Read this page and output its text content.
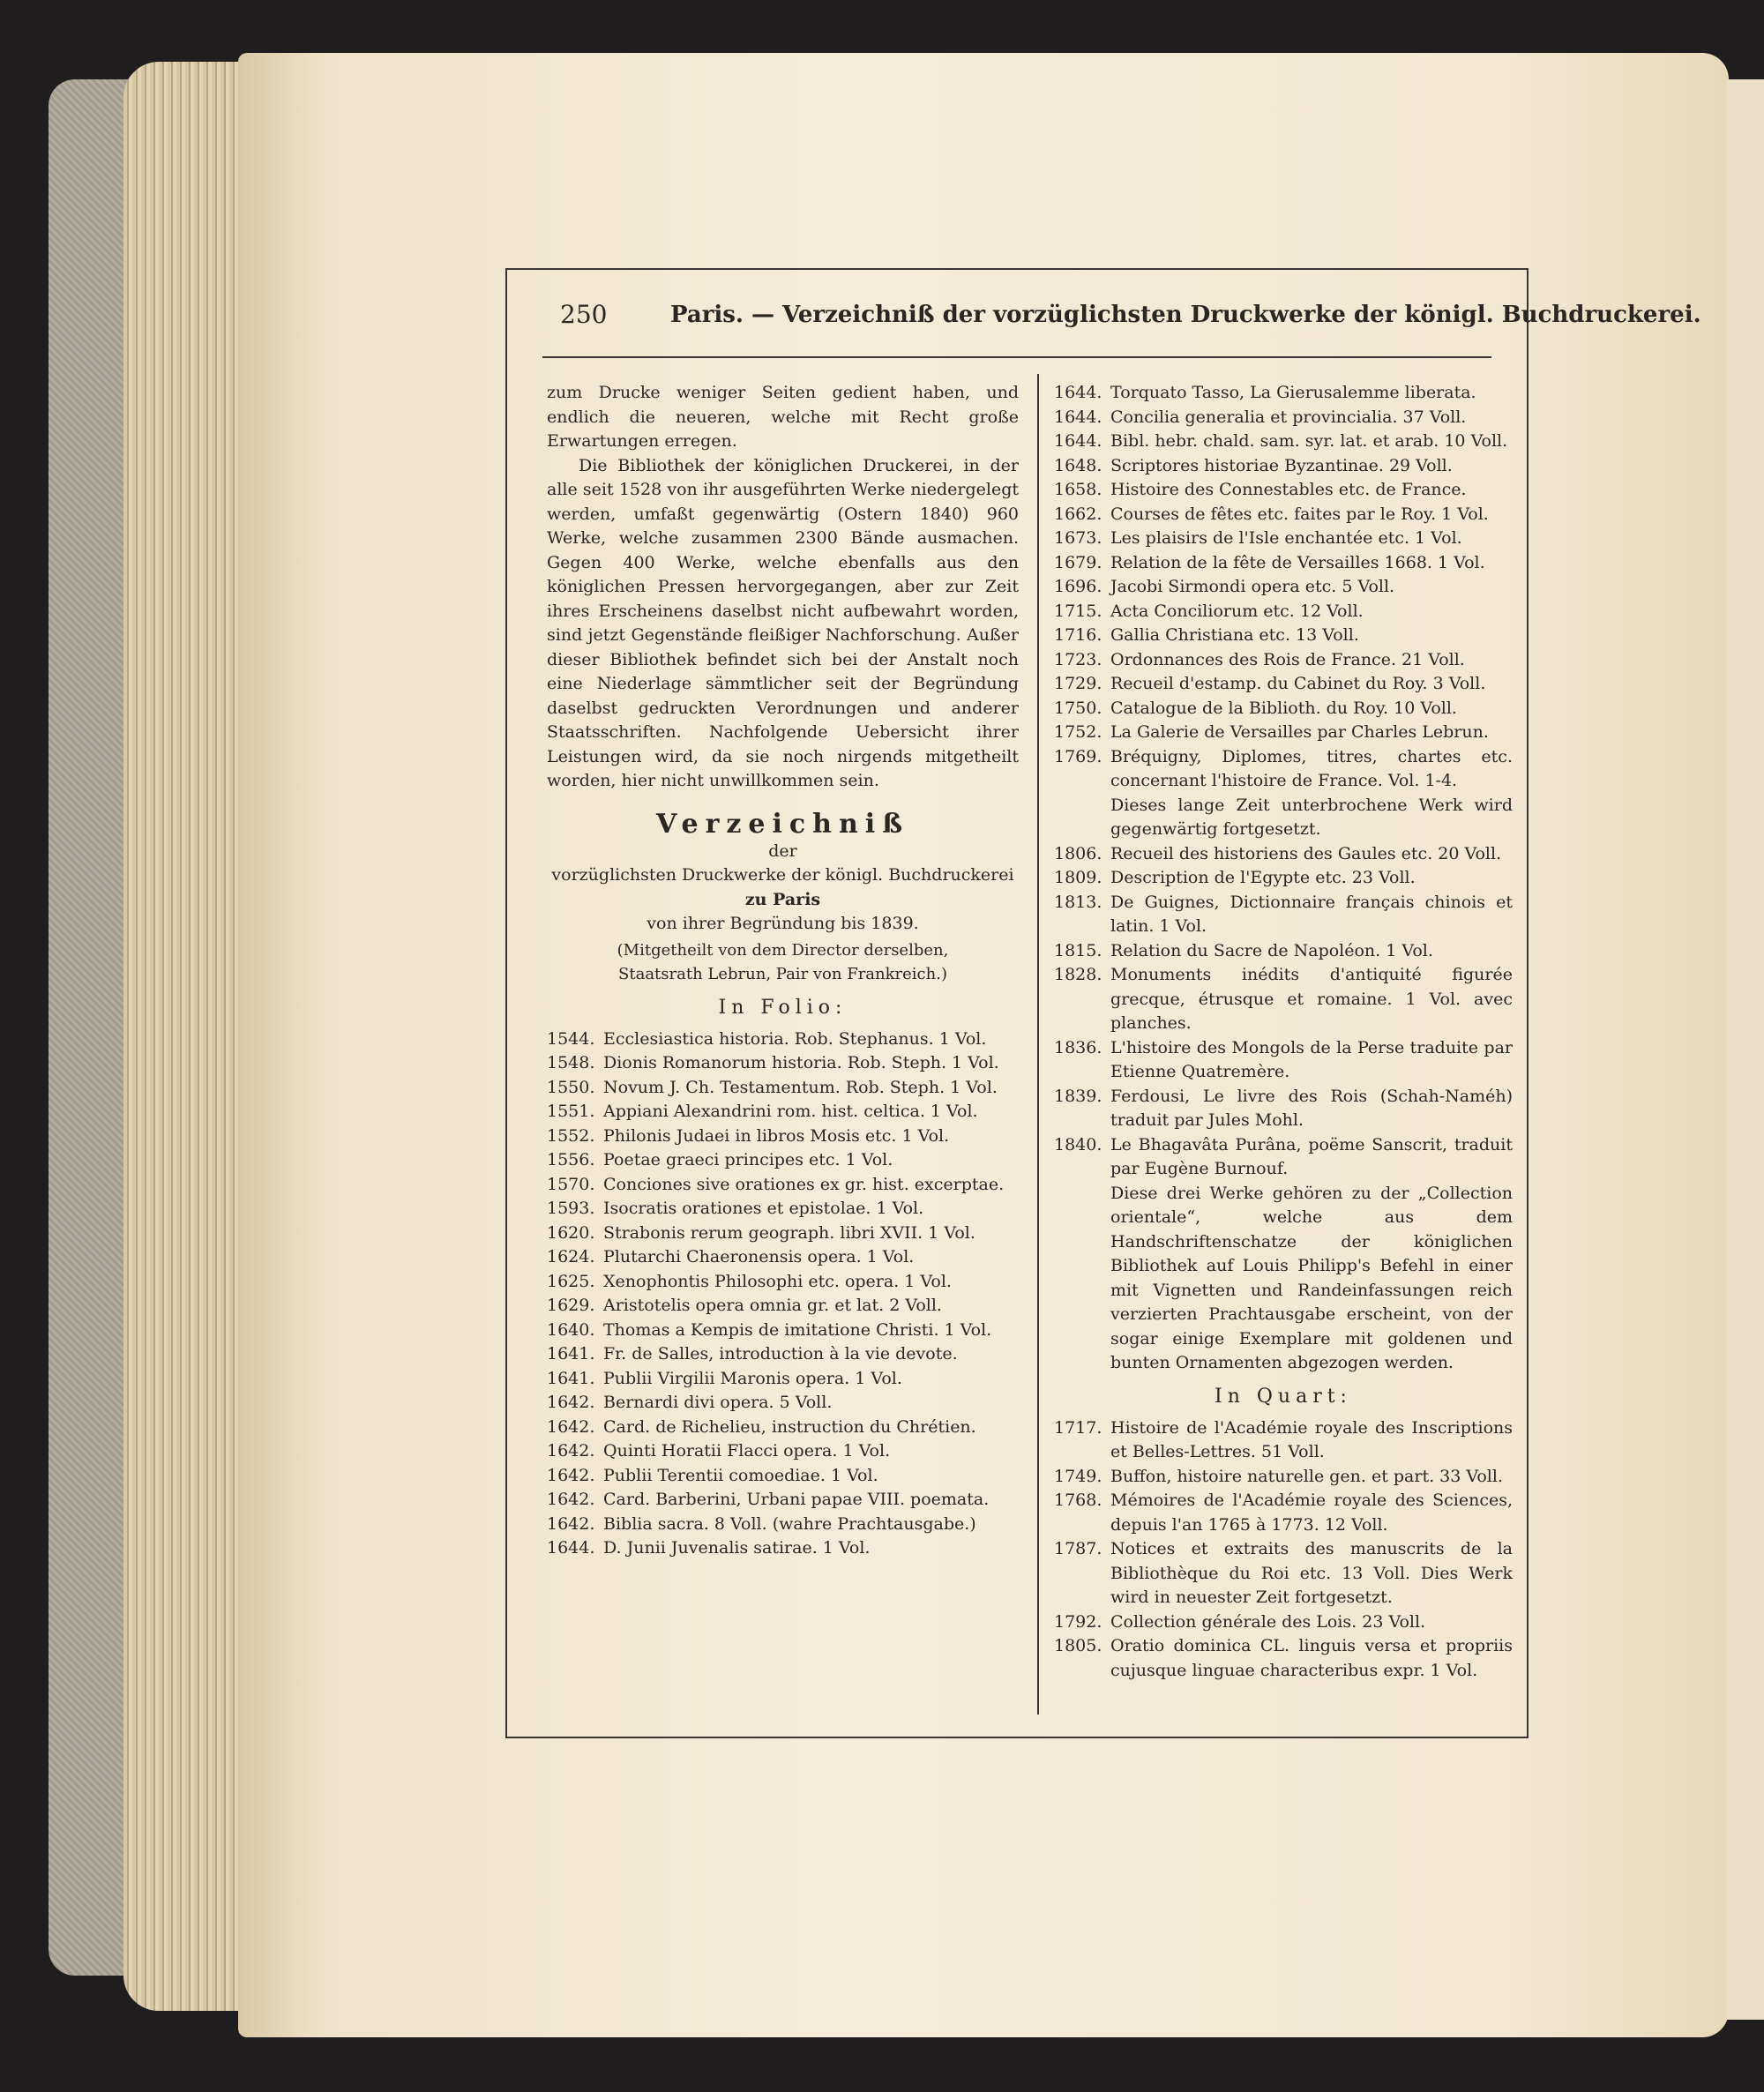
250	Paris. — Verzeichniß der vorzüglichsten Druckwerke der königl. Buchdruckerei.

zum Drucke weniger Seiten gedient haben, und endlich die neueren, welche mit Recht große Erwartungen erregen.

Die Bibliothek der königlichen Druckerei, in der alle seit 1528 von ihr ausgeführten Werke niedergelegt werden, umfaßt gegenwärtig (Ostern 1840) 960 Werke, welche zusammen 2300 Bände ausmachen. Gegen 400 Werke, welche ebenfalls aus den königlichen Pressen hervorgegangen, aber zur Zeit ihres Erscheinens daselbst nicht aufbewahrt worden, sind jetzt Gegenstände fleißiger Nachforschung. Außer dieser Bibliothek befindet sich bei der Anstalt noch eine Niederlage sämmtlicher seit der Begründung daselbst gedruckten Verordnungen und anderer Staatsschriften. Nachfolgende Uebersicht ihrer Leistungen wird, da sie noch nirgends mitgetheilt worden, hier nicht unwillkommen sein.

Verzeichniß
der
vorzüglichsten Druckwerke der königl. Buchdruckerei
zu Paris
von ihrer Begründung bis 1839.
(Mitgetheilt von dem Director derselben, Staatsrath Lebrun, Pair von Frankreich.)
In Folio:
1544. Ecclesiastica historia. Rob. Stephanus. 1 Vol.
1548. Dionis Romanorum historia. Rob. Steph. 1 Vol.
1550. Novum J. Ch. Testamentum. Rob. Steph. 1 Vol.
1551. Appiani Alexandrini rom. hist. celtica. 1 Vol.
1552. Philonis Judaei in libros Mosis etc. 1 Vol.
1556. Poetae graeci principes etc. 1 Vol.
1570. Conciones sive orationes ex gr. hist. excerptae.
1593. Isocratis orationes et epistolae. 1 Vol.
1620. Strabonis rerum geograph. libri XVII. 1 Vol.
1624. Plutarchi Chaeronensis opera. 1 Vol.
1625. Xenophontis Philosophi etc. opera. 1 Vol.
1629. Aristotelis opera omnia gr. et lat. 2 Voll.
1640. Thomas a Kempis de imitatione Christi. 1 Vol.
1641. Fr. de Salles, introduction à la vie devote.
1641. Publii Virgilii Maronis opera. 1 Vol.
1642. Bernardi divi opera. 5 Voll.
1642. Card. de Richelieu, instruction du Chrétien.
1642. Quinti Horatii Flacci opera. 1 Vol.
1642. Publii Terentii comoediae. 1 Vol.
1642. Card. Barberini, Urbani papae VIII. poemata.
1642. Biblia sacra. 8 Voll. (wahre Prachtausgabe.)
1644. D. Junii Juvenalis satirae. 1 Vol.
1644. Torquato Tasso, La Gierusalemme liberata.
1644. Concilia generalia et provincialia. 37 Voll.
1644. Bibl. hebr. chald. sam. syr. lat. et arab. 10 Voll.
1648. Scriptores historiae Byzantinae. 29 Voll.
1658. Histoire des Connestables etc. de France.
1662. Courses de fêtes etc. faites par le Roy. 1 Vol.
1673. Les plaisirs de l'Isle enchantée etc. 1 Vol.
1679. Relation de la fête de Versailles 1668. 1 Vol.
1696. Jacobi Sirmondi opera etc. 5 Voll.
1715. Acta Conciliorum etc. 12 Voll.
1716. Gallia Christiana etc. 13 Voll.
1723. Ordonnances des Rois de France. 21 Voll.
1729. Recueil d'estamp. du Cabinet du Roy. 3 Voll.
1750. Catalogue de la Biblioth. du Roy. 10 Voll.
1752. La Galerie de Versailles par Charles Lebrun.
1769. Bréquigny, Diplomes, titres, chartes etc. concernant l'histoire de France. Vol. 1-4.
Dieses lange Zeit unterbrochene Werk wird gegenwärtig fortgesetzt.
1806. Recueil des historiens des Gaules etc. 20 Voll.
1809. Description de l'Egypte etc. 23 Voll.
1813. De Guignes, Dictionnaire français chinois et latin. 1 Vol.
1815. Relation du Sacre de Napoléon. 1 Vol.
1828. Monuments inédits d'antiquité figurée grecque, étrusque et romaine. 1 Vol. avec planches.
1836. L'histoire des Mongols de la Perse traduite par Etienne Quatremère.
1839. Ferdousi, Le livre des Rois (Schah-Naméh) traduit par Jules Mohl.
1840. Le Bhagavâta Purâna, poëme Sanscrit, traduit par Eugène Burnouf.
Diese drei Werke gehören zu der „Collection orientale“, welche aus dem Handschriftenschatze der königlichen Bibliothek auf Louis Philipp's Befehl in einer mit Vignetten und Randeinfassungen reich verzierten Prachtausgabe erscheint, von der sogar einige Exemplare mit goldenen und bunten Ornamenten abgezogen werden.
In Quart:
1717. Histoire de l'Académie royale des Inscriptions et Belles-Lettres. 51 Voll.
1749. Buffon, histoire naturelle gen. et part. 33 Voll.
1768. Mémoires de l'Académie royale des Sciences, depuis l'an 1765 à 1773. 12 Voll.
1787. Notices et extraits des manuscrits de la Bibliothèque du Roi etc. 13 Voll. Dies Werk wird in neuester Zeit fortgesetzt.
1792. Collection générale des Lois. 23 Voll.
1805. Oratio dominica CL. linguis versa et propriis cujusque linguae characteribus expr. 1 Vol.
